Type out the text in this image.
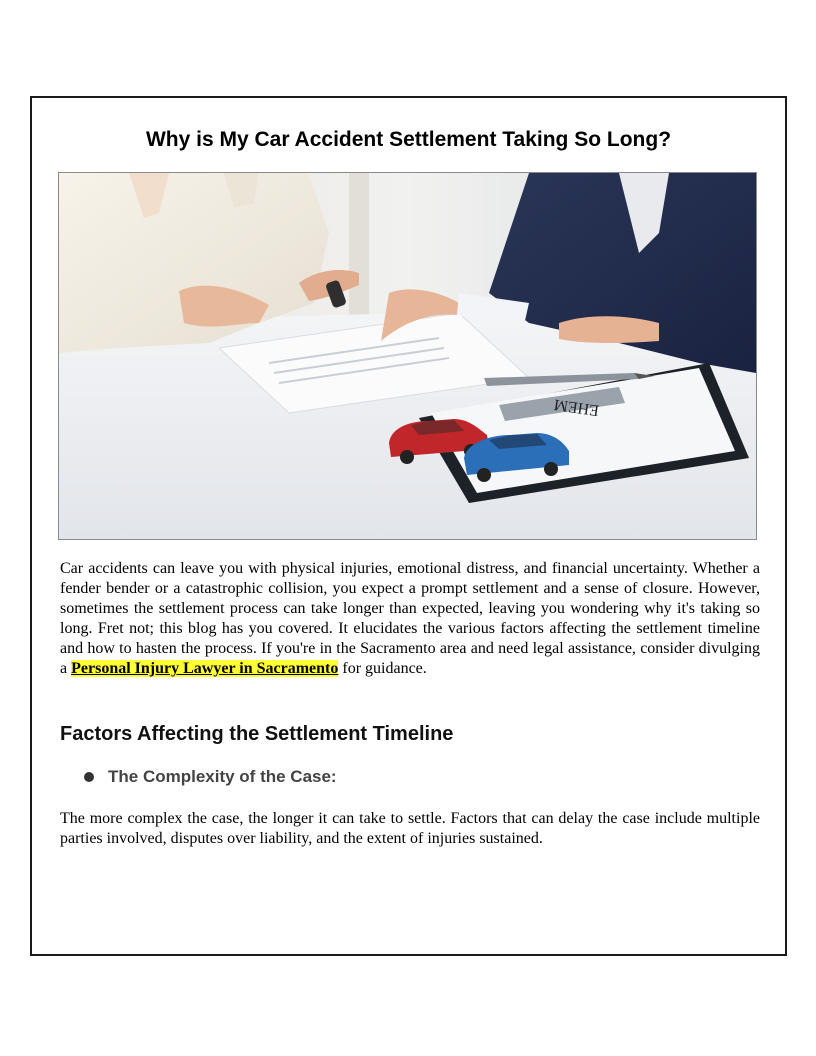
Why is My Car Accident Settlement Taking So Long?
ЕНЕМ

Car accidents can leave you with physical injuries, emotional distress, and financial uncertainty. Whether a fender bender or a catastrophic collision, you expect a prompt settlement and a sense of closure. However, sometimes the settlement process can take longer than expected, leaving you wondering why it's taking so long. Fret not; this blog has you covered. It elucidates the various factors affecting the settlement timeline and how to hasten the process. If you're in the Sacramento area and need legal assistance, consider divulging a Personal Injury Lawyer in Sacramento for guidance.

Factors Affecting the Settlement Timeline
The Complexity of the Case:

The more complex the case, the longer it can take to settle. Factors that can delay the case include multiple parties involved, disputes over liability, and the extent of injuries sustained.
